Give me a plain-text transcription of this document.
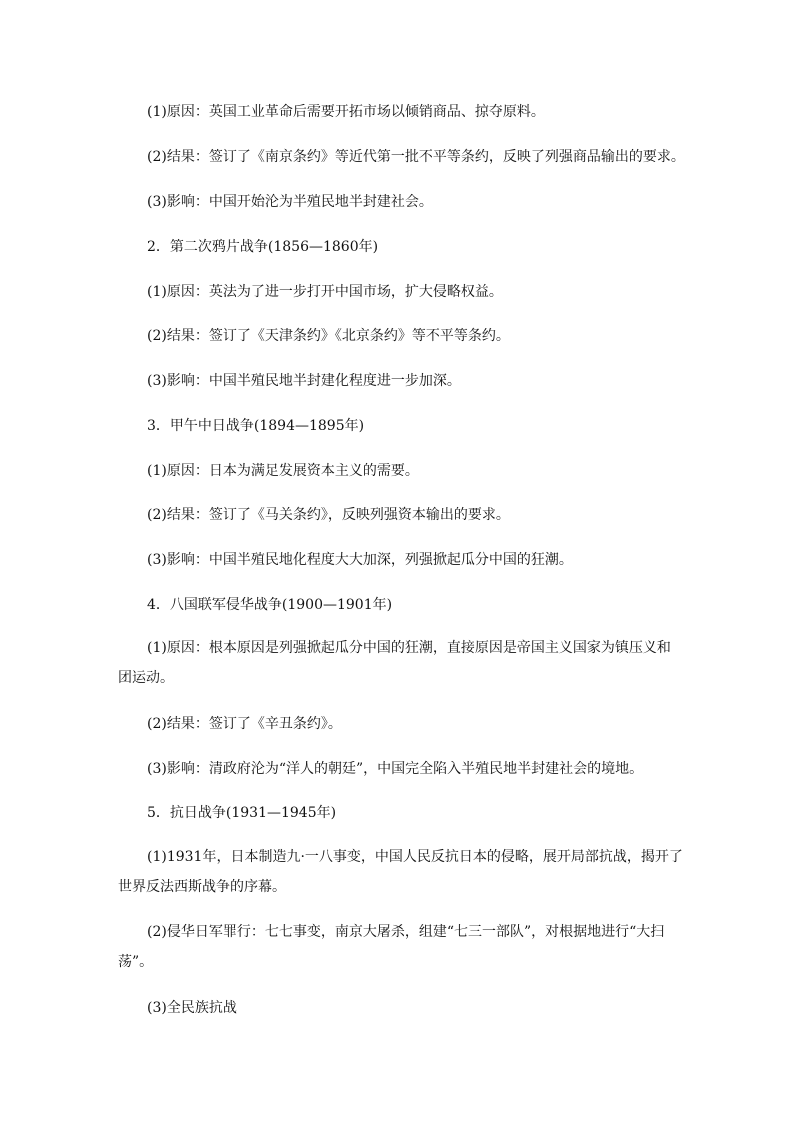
(1)原因：英国工业革命后需要开拓市场以倾销商品、掠夺原料。
(2)结果：签订了《南京条约》等近代第一批不平等条约，反映了列强商品输出的要求。
(3)影响：中国开始沦为半殖民地半封建社会。
2．第二次鸦片战争(1856—1860年)
(1)原因：英法为了进一步打开中国市场，扩大侵略权益。
(2)结果：签订了《天津条约》《北京条约》等不平等条约。
(3)影响：中国半殖民地半封建化程度进一步加深。
3．甲午中日战争(1894—1895年)
(1)原因：日本为满足发展资本主义的需要。
(2)结果：签订了《马关条约》，反映列强资本输出的要求。
(3)影响：中国半殖民地化程度大大加深，列强掀起瓜分中国的狂潮。
4．八国联军侵华战争(1900—1901年)
(1)原因：根本原因是列强掀起瓜分中国的狂潮，直接原因是帝国主义国家为镇压义和
团运动。
(2)结果：签订了《辛丑条约》。
(3)影响：清政府沦为“洋人的朝廷”，中国完全陷入半殖民地半封建社会的境地。
5．抗日战争(1931—1945年)
(1)1931年，日本制造九·一八事变，中国人民反抗日本的侵略，展开局部抗战，揭开了
世界反法西斯战争的序幕。
(2)侵华日军罪行：七七事变，南京大屠杀，组建“七三一部队”，对根据地进行“大扫
荡”。
(3)全民族抗战
